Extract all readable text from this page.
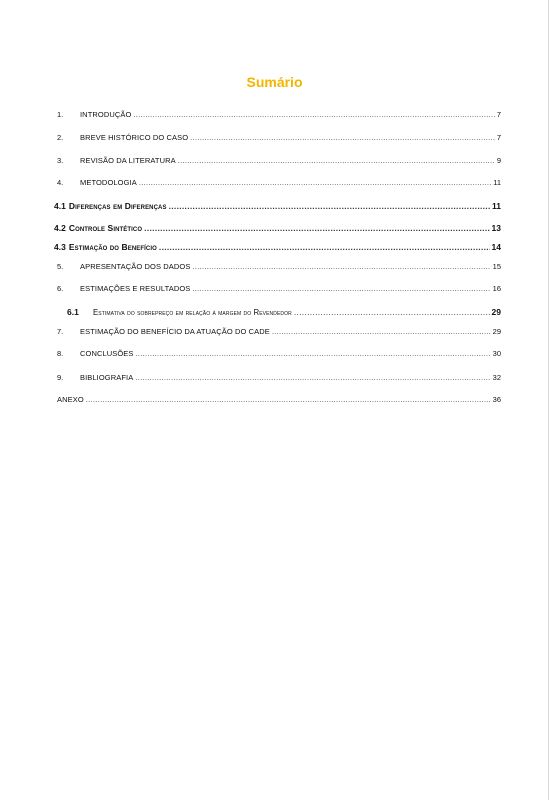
Sumário
1.	INTRODUÇÃO .....	7
2.	BREVE HISTÓRICO DO CASO .....	7
3.	REVISÃO DA LITERATURA .....	9
4.	METODOLOGIA .....	11
4.1 Diferenças em Diferenças .....	11
4.2 Controle Sintético .....	13
4.3 Estimação do Benefício .....	14
5.	APRESENTAÇÃO DOS DADOS .....	15
6.	ESTIMAÇÕES E RESULTADOS .....	16
6.1	Estimativa do sobrepreço em relação à margem do Revendedor .....	29
7.	ESTIMAÇÃO DO BENEFÍCIO DA ATUAÇÃO DO CADE .....	29
8.	CONCLUSÕES .....	30
9.	BIBLIOGRAFIA .....	32
ANEXO .....	36
